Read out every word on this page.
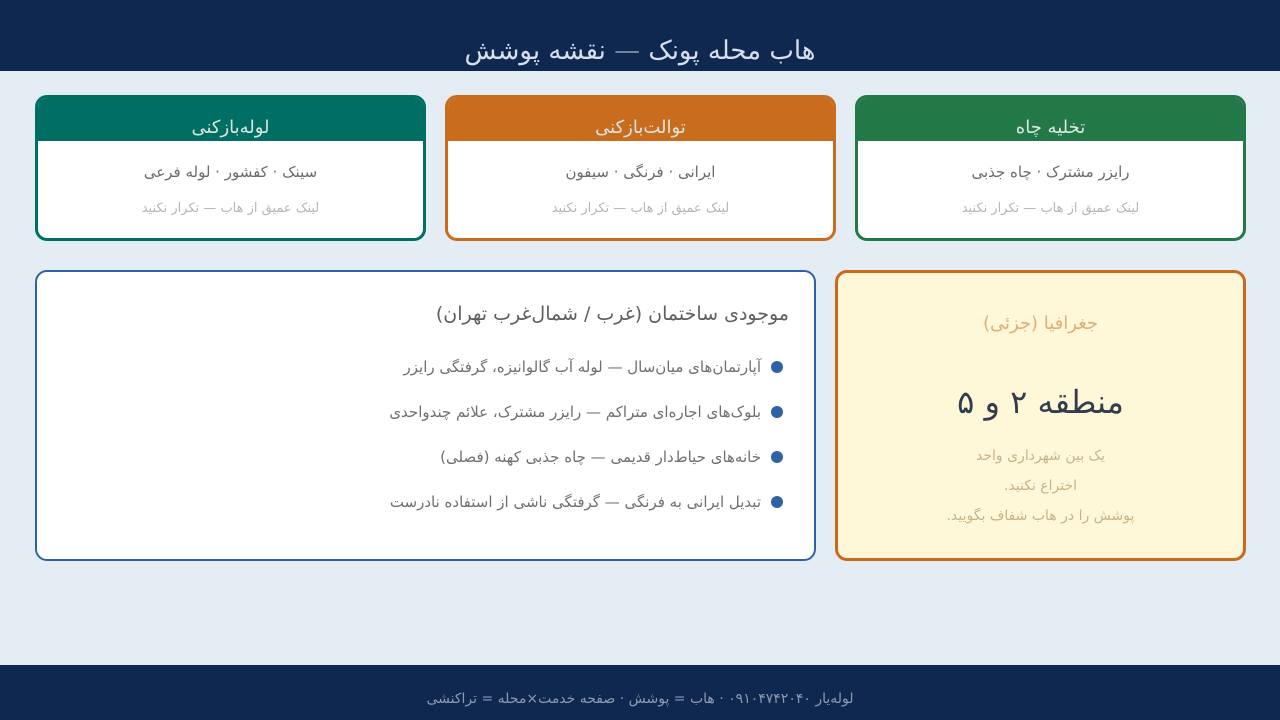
هاب محله پونک — نقشه پوشش
تخلیه چاه
رایزر مشترک · چاه جذبی
لینک عمیق از هاب — تکرار نکنید
توالت‌بازکنی
ایرانی · فرنگی · سیفون
لینک عمیق از هاب — تکرار نکنید
لوله‌بازکنی
سینک · کفشور · لوله فرعی
لینک عمیق از هاب — تکرار نکنید
موجودی ساختمان (غرب / شمال‌غرب تهران)
آپارتمان‌های میان‌سال — لوله آب گالوانیزه، گرفتگی رایزر
بلوک‌های اجاره‌ای متراکم — رایزر مشترک، علائم چندواحدی
خانه‌های حیاط‌دار قدیمی — چاه جذبی کهنه (فصلی)
تبدیل ایرانی به فرنگی — گرفتگی ناشی از استفاده نادرست
جغرافیا (جزئی)
منطقه ۲ و ۵
یک بین شهرداری واحد
اختراع نکنید.
پوشش را در هاب شفاف بگویید.
لوله‌یار ۰۹۱۰۴۷۴۲۰۴۰ · هاب = پوشش · صفحه خدمت×محله = تراکنشی
